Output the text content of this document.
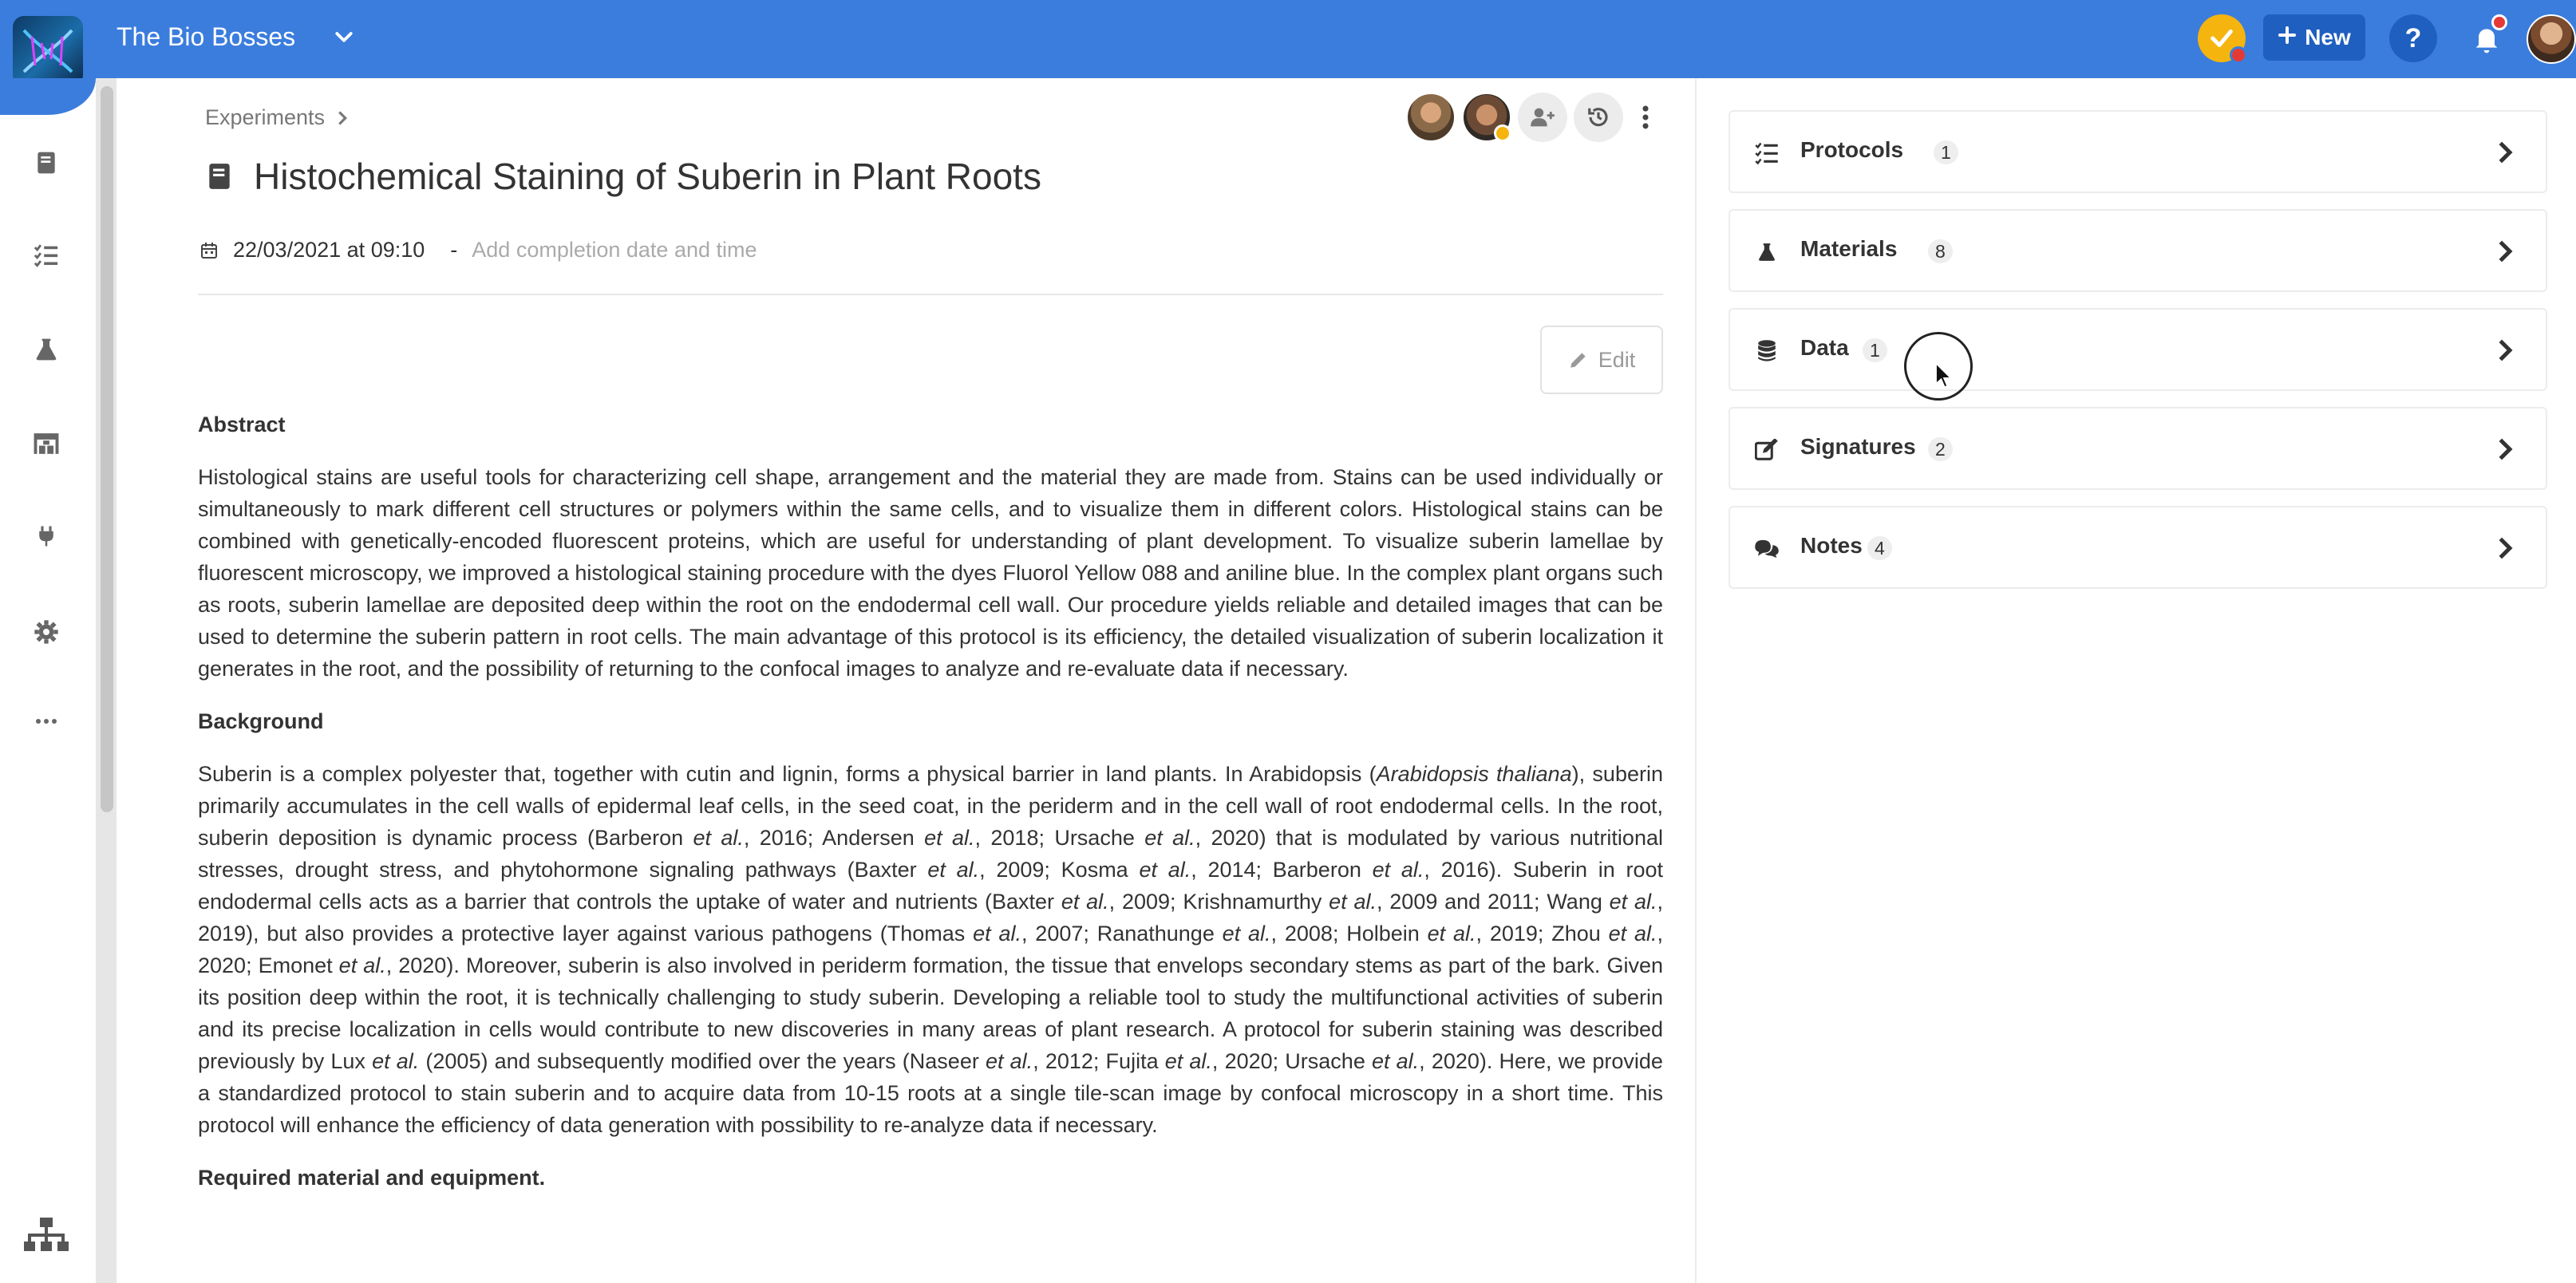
The Bio Bosses	New ?
Experiments
Histochemical Staining of Suberin in Plant Roots
22/03/2021 at 09:10 - Add completion date and time
Edit
Abstract

Histological stains are useful tools for characterizing cell shape, arrangement and the material they are made from. Stains can be used individually or simultaneously to mark different cell structures or polymers within the same cells, and to visualize them in different colors. Histological stains can be combined with genetically-encoded fluorescent proteins, which are useful for understanding of plant development. To visualize suberin lamellae by fluorescent microscopy, we improved a histological staining procedure with the dyes Fluorol Yellow 088 and aniline blue. In the complex plant organs such as roots, suberin lamellae are deposited deep within the root on the endodermal cell wall. Our procedure yields reliable and detailed images that can be used to determine the suberin pattern in root cells. The main advantage of this protocol is its efficiency, the detailed visualization of suberin localization it generates in the root, and the possibility of returning to the confocal images to analyze and re-evaluate data if necessary.

Background

Suberin is a complex polyester that, together with cutin and lignin, forms a physical barrier in land plants. In Arabidopsis (Arabidopsis thaliana), suberin primarily accumulates in the cell walls of epidermal leaf cells, in the seed coat, in the periderm and in the cell wall of root endodermal cells. In the root, suberin deposition is dynamic process (Barberon et al., 2016; Andersen et al., 2018; Ursache et al., 2020) that is modulated by various nutritional stresses, drought stress, and phytohormone signaling pathways (Baxter et al., 2009; Kosma et al., 2014; Barberon et al., 2016). Suberin in root endodermal cells acts as a barrier that controls the uptake of water and nutrients (Baxter et al., 2009; Krishnamurthy et al., 2009 and 2011; Wang et al., 2019), but also provides a protective layer against various pathogens (Thomas et al., 2007; Ranathunge et al., 2008; Holbein et al., 2019; Zhou et al., 2020; Emonet et al., 2020). Moreover, suberin is also involved in periderm formation, the tissue that envelops secondary stems as part of the bark. Given its position deep within the root, it is technically challenging to study suberin. Developing a reliable tool to study the multifunctional activities of suberin and its precise localization in cells would contribute to new discoveries in many areas of plant research. A protocol for suberin staining was described previously by Lux et al. (2005) and subsequently modified over the years (Naseer et al., 2012; Fujita et al., 2020; Ursache et al., 2020). Here, we provide a standardized protocol to stain suberin and to acquire data from 10-15 roots at a single tile-scan image by confocal microscopy in a short time. This protocol will enhance the efficiency of data generation with possibility to re-analyze data if necessary.

Required material and equipment.
Protocols	1
Materials	8
Data	1
Signatures	2
Notes 4
